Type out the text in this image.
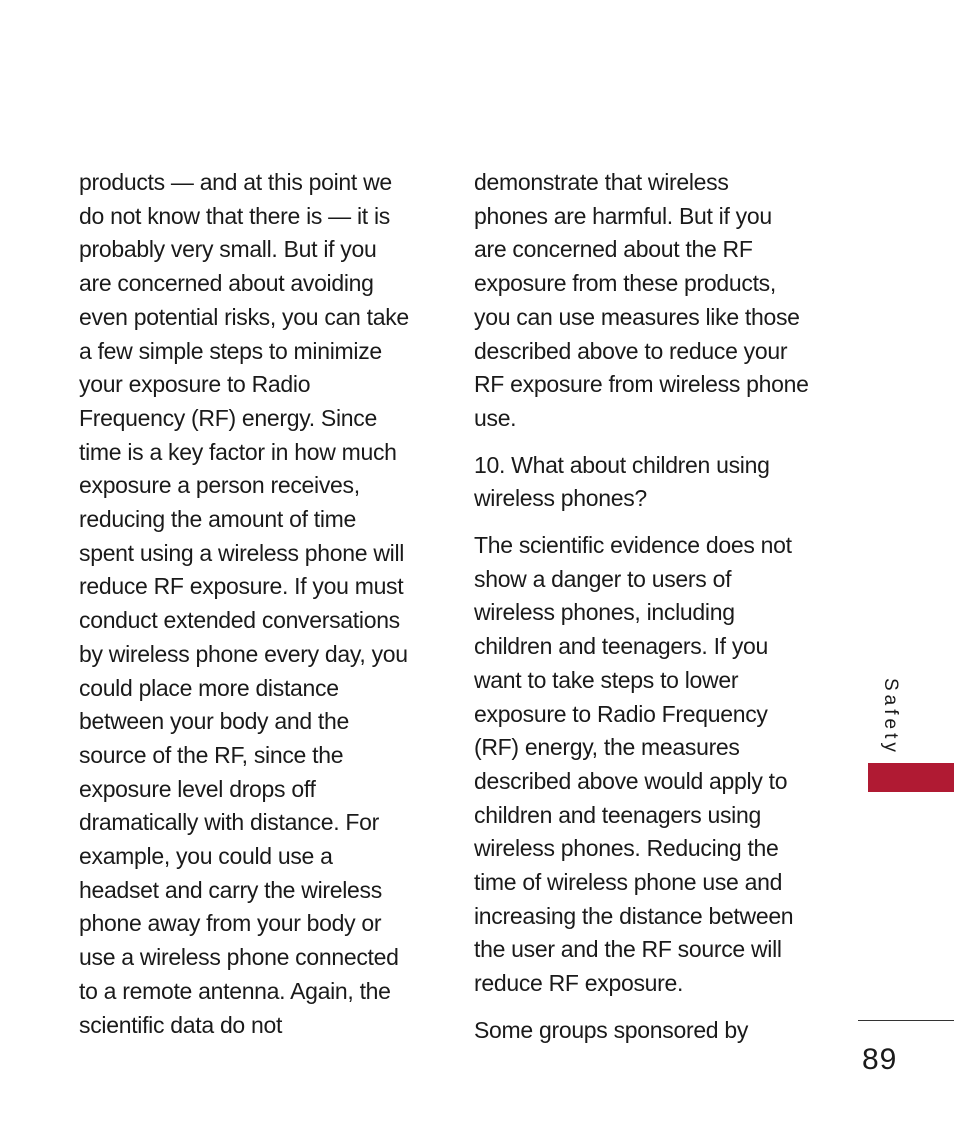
products — and at this point we
do not know that there is — it is
probably very small. But if you
are concerned about avoiding
even potential risks, you can take
a few simple steps to minimize
your exposure to Radio
Frequency (RF) energy. Since
time is a key factor in how much
exposure a person receives,
reducing the amount of time
spent using a wireless phone will
reduce RF exposure. If you must
conduct extended conversations
by wireless phone every day, you
could place more distance
between your body and the
source of the RF, since the
exposure level drops off
dramatically with distance. For
example, you could use a
headset and carry the wireless
phone away from your body or
use a wireless phone connected
to a remote antenna. Again, the
scientific data do not

demonstrate that wireless
phones are harmful. But if you
are concerned about the RF
exposure from these products,
you can use measures like those
described above to reduce your
RF exposure from wireless phone
use.

10. What about children using
wireless phones?

The scientific evidence does not
show a danger to users of
wireless phones, including
children and teenagers. If you
want to take steps to lower
exposure to Radio Frequency
(RF) energy, the measures
described above would apply to
children and teenagers using
wireless phones. Reducing the
time of wireless phone use and
increasing the distance between
the user and the RF source will
reduce RF exposure.

Some groups sponsored by

Safety
89
